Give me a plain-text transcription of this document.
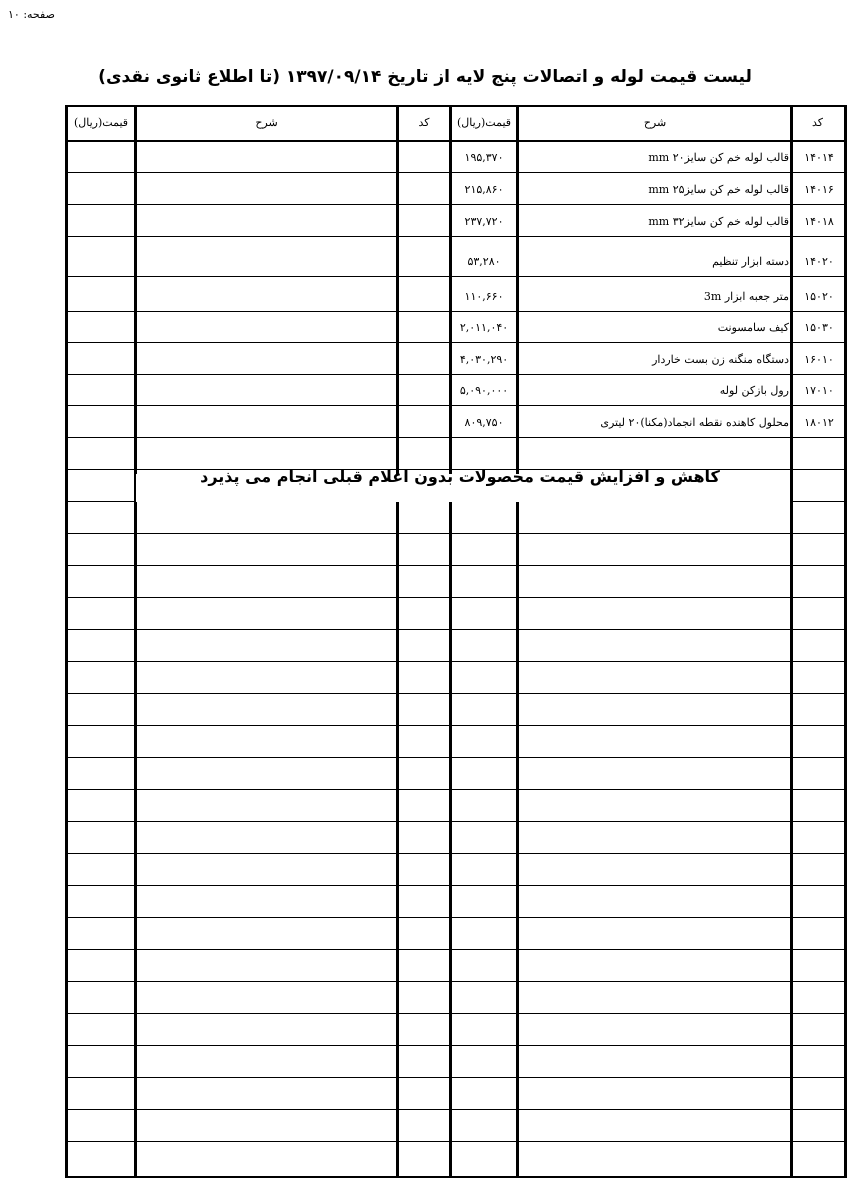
صفحه: ۱۰
لیست قیمت لوله و اتصالات پنج لایه از تاریخ ۱۳۹۷/۰۹/۱۴ (تا اطلاع ثانوی نقدی)
کد
شرح
قیمت(ریال)
کد
شرح
قیمت(ریال)
۱۴۰۱۴
قالب لوله خم کن سایز۲۰ mm
۱۹۵,۳۷۰
۱۴۰۱۶
قالب لوله خم کن سایز۲۵ mm
۲۱۵,۸۶۰
۱۴۰۱۸
قالب لوله خم کن سایز۳۲ mm
۲۳۷,۷۲۰
۱۴۰۲۰
دسته ابزار تنظیم
۵۳,۲۸۰
۱۵۰۲۰
متر جعبه ابزار 3m
۱۱۰,۶۶۰
۱۵۰۳۰
کیف سامسونت
۲,۰۱۱,۰۴۰
۱۶۰۱۰
دستگاه منگنه زن بست خاردار
۴,۰۳۰,۲۹۰
۱۷۰۱۰
رول بازکن لوله
۵,۰۹۰,۰۰۰
۱۸۰۱۲
محلول کاهنده نقطه انجماد(مکنا)۲۰ لیتری
۸۰۹,۷۵۰
کاهش و افزایش قیمت محصولات بدون اعلام قبلی انجام می پذیرد
